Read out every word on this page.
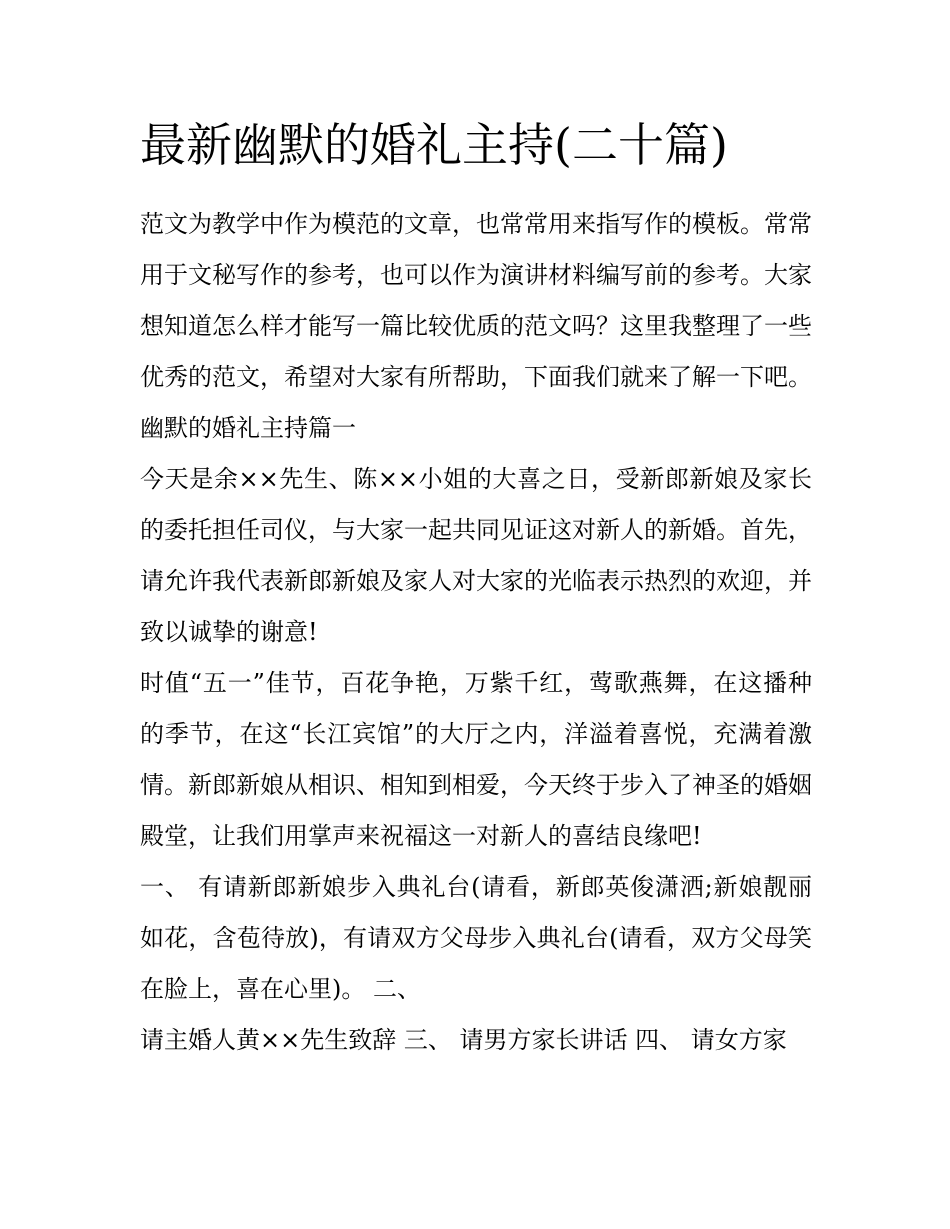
最新幽默的婚礼主持(二十篇)

范文为教学中作为模范的文章，也常常用来指写作的模板。常常用于文秘写作的参考，也可以作为演讲材料编写前的参考。大家想知道怎么样才能写一篇比较优质的范文吗？这里我整理了一些优秀的范文，希望对大家有所帮助，下面我们就来了解一下吧。

幽默的婚礼主持篇一

今天是余××先生、陈××小姐的大喜之日，受新郎新娘及家长的委托担任司仪，与大家一起共同见证这对新人的新婚。首先，请允许我代表新郎新娘及家人对大家的光临表示热烈的欢迎，并致以诚挚的谢意!

时值“五一”佳节，百花争艳，万紫千红，莺歌燕舞，在这播种的季节，在这“长江宾馆”的大厅之内，洋溢着喜悦，充满着激情。新郎新娘从相识、相知到相爱，今天终于步入了神圣的婚姻殿堂，让我们用掌声来祝福这一对新人的喜结良缘吧!

一、 有请新郎新娘步入典礼台(请看，新郎英俊潇洒;新娘靓丽如花，含苞待放)，有请双方父母步入典礼台(请看，双方父母笑在脸上，喜在心里)。 二、

请主婚人黄××先生致辞 三、 请男方家长讲话 四、 请女方家
